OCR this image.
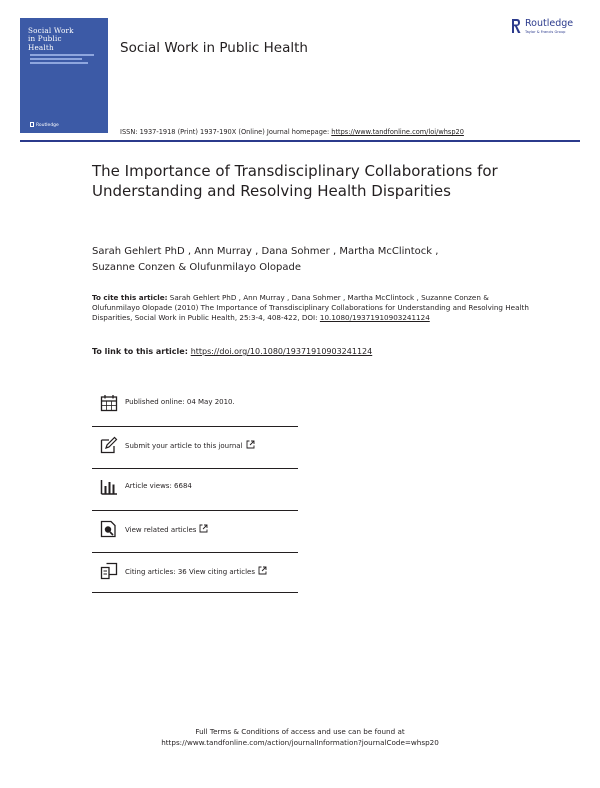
Social Work
in Public
Health
Routledge
Social Work in Public Health
Routledge
Taylor & Francis Group
ISSN: 1937-1918 (Print) 1937-190X (Online) Journal homepage: https://www.tandfonline.com/loi/whsp20
The Importance of Transdisciplinary Collaborations for Understanding and Resolving Health Disparities
Sarah Gehlert PhD , Ann Murray , Dana Sohmer , Martha McClintock ,
Suzanne Conzen & Olufunmilayo Olopade
To cite this article: Sarah Gehlert PhD , Ann Murray , Dana Sohmer , Martha McClintock , Suzanne Conzen & Olufunmilayo Olopade (2010) The Importance of Transdisciplinary Collaborations for Understanding and Resolving Health Disparities, Social Work in Public Health, 25:3-4, 408-422, DOI: 10.1080/19371910903241124
To link to this article: https://doi.org/10.1080/19371910903241124
Published online: 04 May 2010.
Submit your article to this journal
Article views: 6684
View related articles
Citing articles: 36 View citing articles
Full Terms & Conditions of access and use can be found at
https://www.tandfonline.com/action/journalInformation?journalCode=whsp20
